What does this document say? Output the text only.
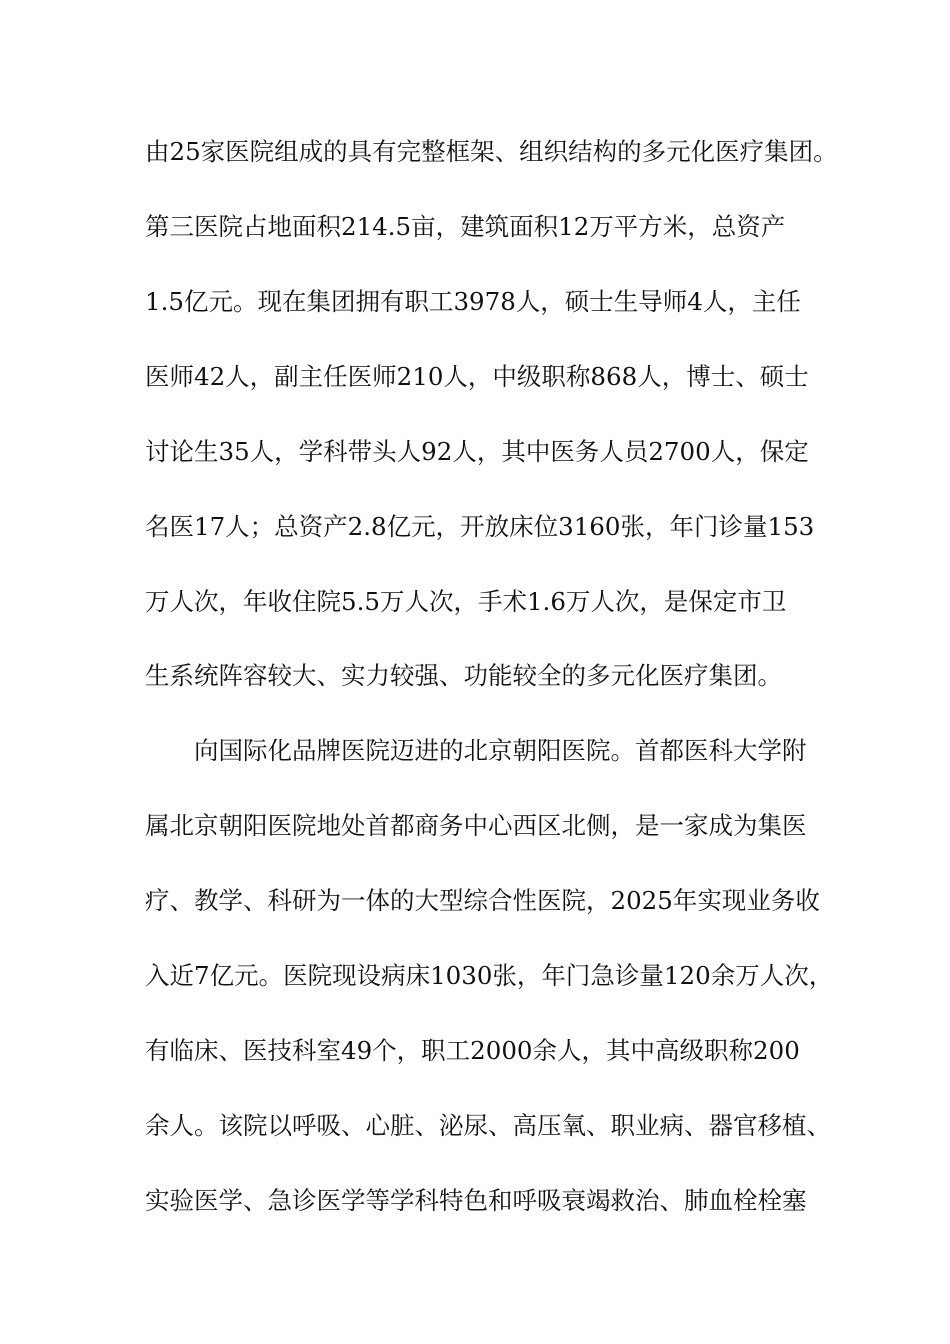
由25家医院组成的具有完整框架、组织结构的多元化医疗集团。
第三医院占地面积214.5亩，建筑面积12万平方米，总资产
1.5亿元。现在集团拥有职工3978人，硕士生导师4人，主任
医师42人，副主任医师210人，中级职称868人，博士、硕士
讨论生35人，学科带头人92人，其中医务人员2700人，保定
名医17人；总资产2.8亿元，开放床位3160张，年门诊量153
万人次，年收住院5.5万人次，手术1.6万人次，是保定市卫
生系统阵容较大、实力较强、功能较全的多元化医疗集团。
向国际化品牌医院迈进的北京朝阳医院。首都医科大学附
属北京朝阳医院地处首都商务中心西区北侧，是一家成为集医
疗、教学、科研为一体的大型综合性医院，2025年实现业务收
入近7亿元。医院现设病床1030张，年门急诊量120余万人次，
有临床、医技科室49个，职工2000余人，其中高级职称200
余人。该院以呼吸、心脏、泌尿、高压氧、职业病、器官移植、
实验医学、急诊医学等学科特色和呼吸衰竭救治、肺血栓栓塞
